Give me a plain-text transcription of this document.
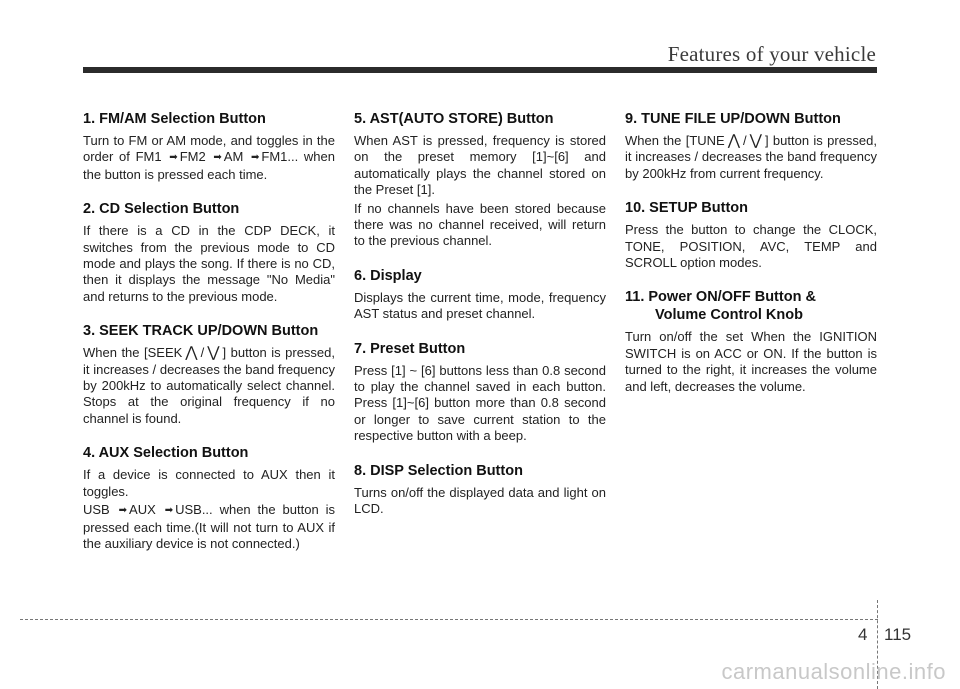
Features of your vehicle
1. FM/AM Selection Button

Turn to FM or AM mode, and toggles in the order of FM1 ➡ FM2 ➡ AM ➡ FM1... when the button is pressed each time.

2. CD Selection Button

If there is a CD in the CDP DECK, it switches from the previous mode to CD mode and plays the song. If there is no CD, then it displays the message "No Media" and returns to the previous mode.

3. SEEK TRACK UP/DOWN Button

When the [SEEK ⋀ / ⋁ ] button is pressed, it increases / decreases the band frequency by 200kHz to automatically select channel. Stops at the original frequency if no channel is found.

4. AUX Selection Button

If a device is connected to AUX then it toggles.

USB ➡ AUX ➡ USB... when the button is pressed each time.(It will not turn to AUX if the auxiliary device is not connected.)

5. AST(AUTO STORE) Button

When AST is pressed, frequency is stored on the preset memory [1]~[6] and automatically plays the channel stored on the Preset [1].

If no channels have been stored because there was no channel received, will return to the previous channel.

6. Display

Displays the current time, mode, frequency AST status and preset channel.

7. Preset Button

Press [1] ~ [6] buttons less than 0.8 second to play the channel saved in each button. Press [1]~[6] button more than 0.8 second or longer to save current station to the respective button with a beep.

8. DISP Selection Button

Turns on/off the displayed data and light on LCD.

9. TUNE FILE UP/DOWN Button

When the [TUNE ⋀ / ⋁ ] button is pressed, it increases / decreases the band frequency by 200kHz from current frequency.

10. SETUP Button

Press the button to change the CLOCK, TONE, POSITION, AVC, TEMP and SCROLL option modes.

11. Power ON/OFF Button &
Volume Control Knob

Turn on/off the set When the IGNITION SWITCH is on ACC or ON. If the button is turned to the right, it increases the volume and left, decreases the volume.

4 115
carmanualsonline.info
